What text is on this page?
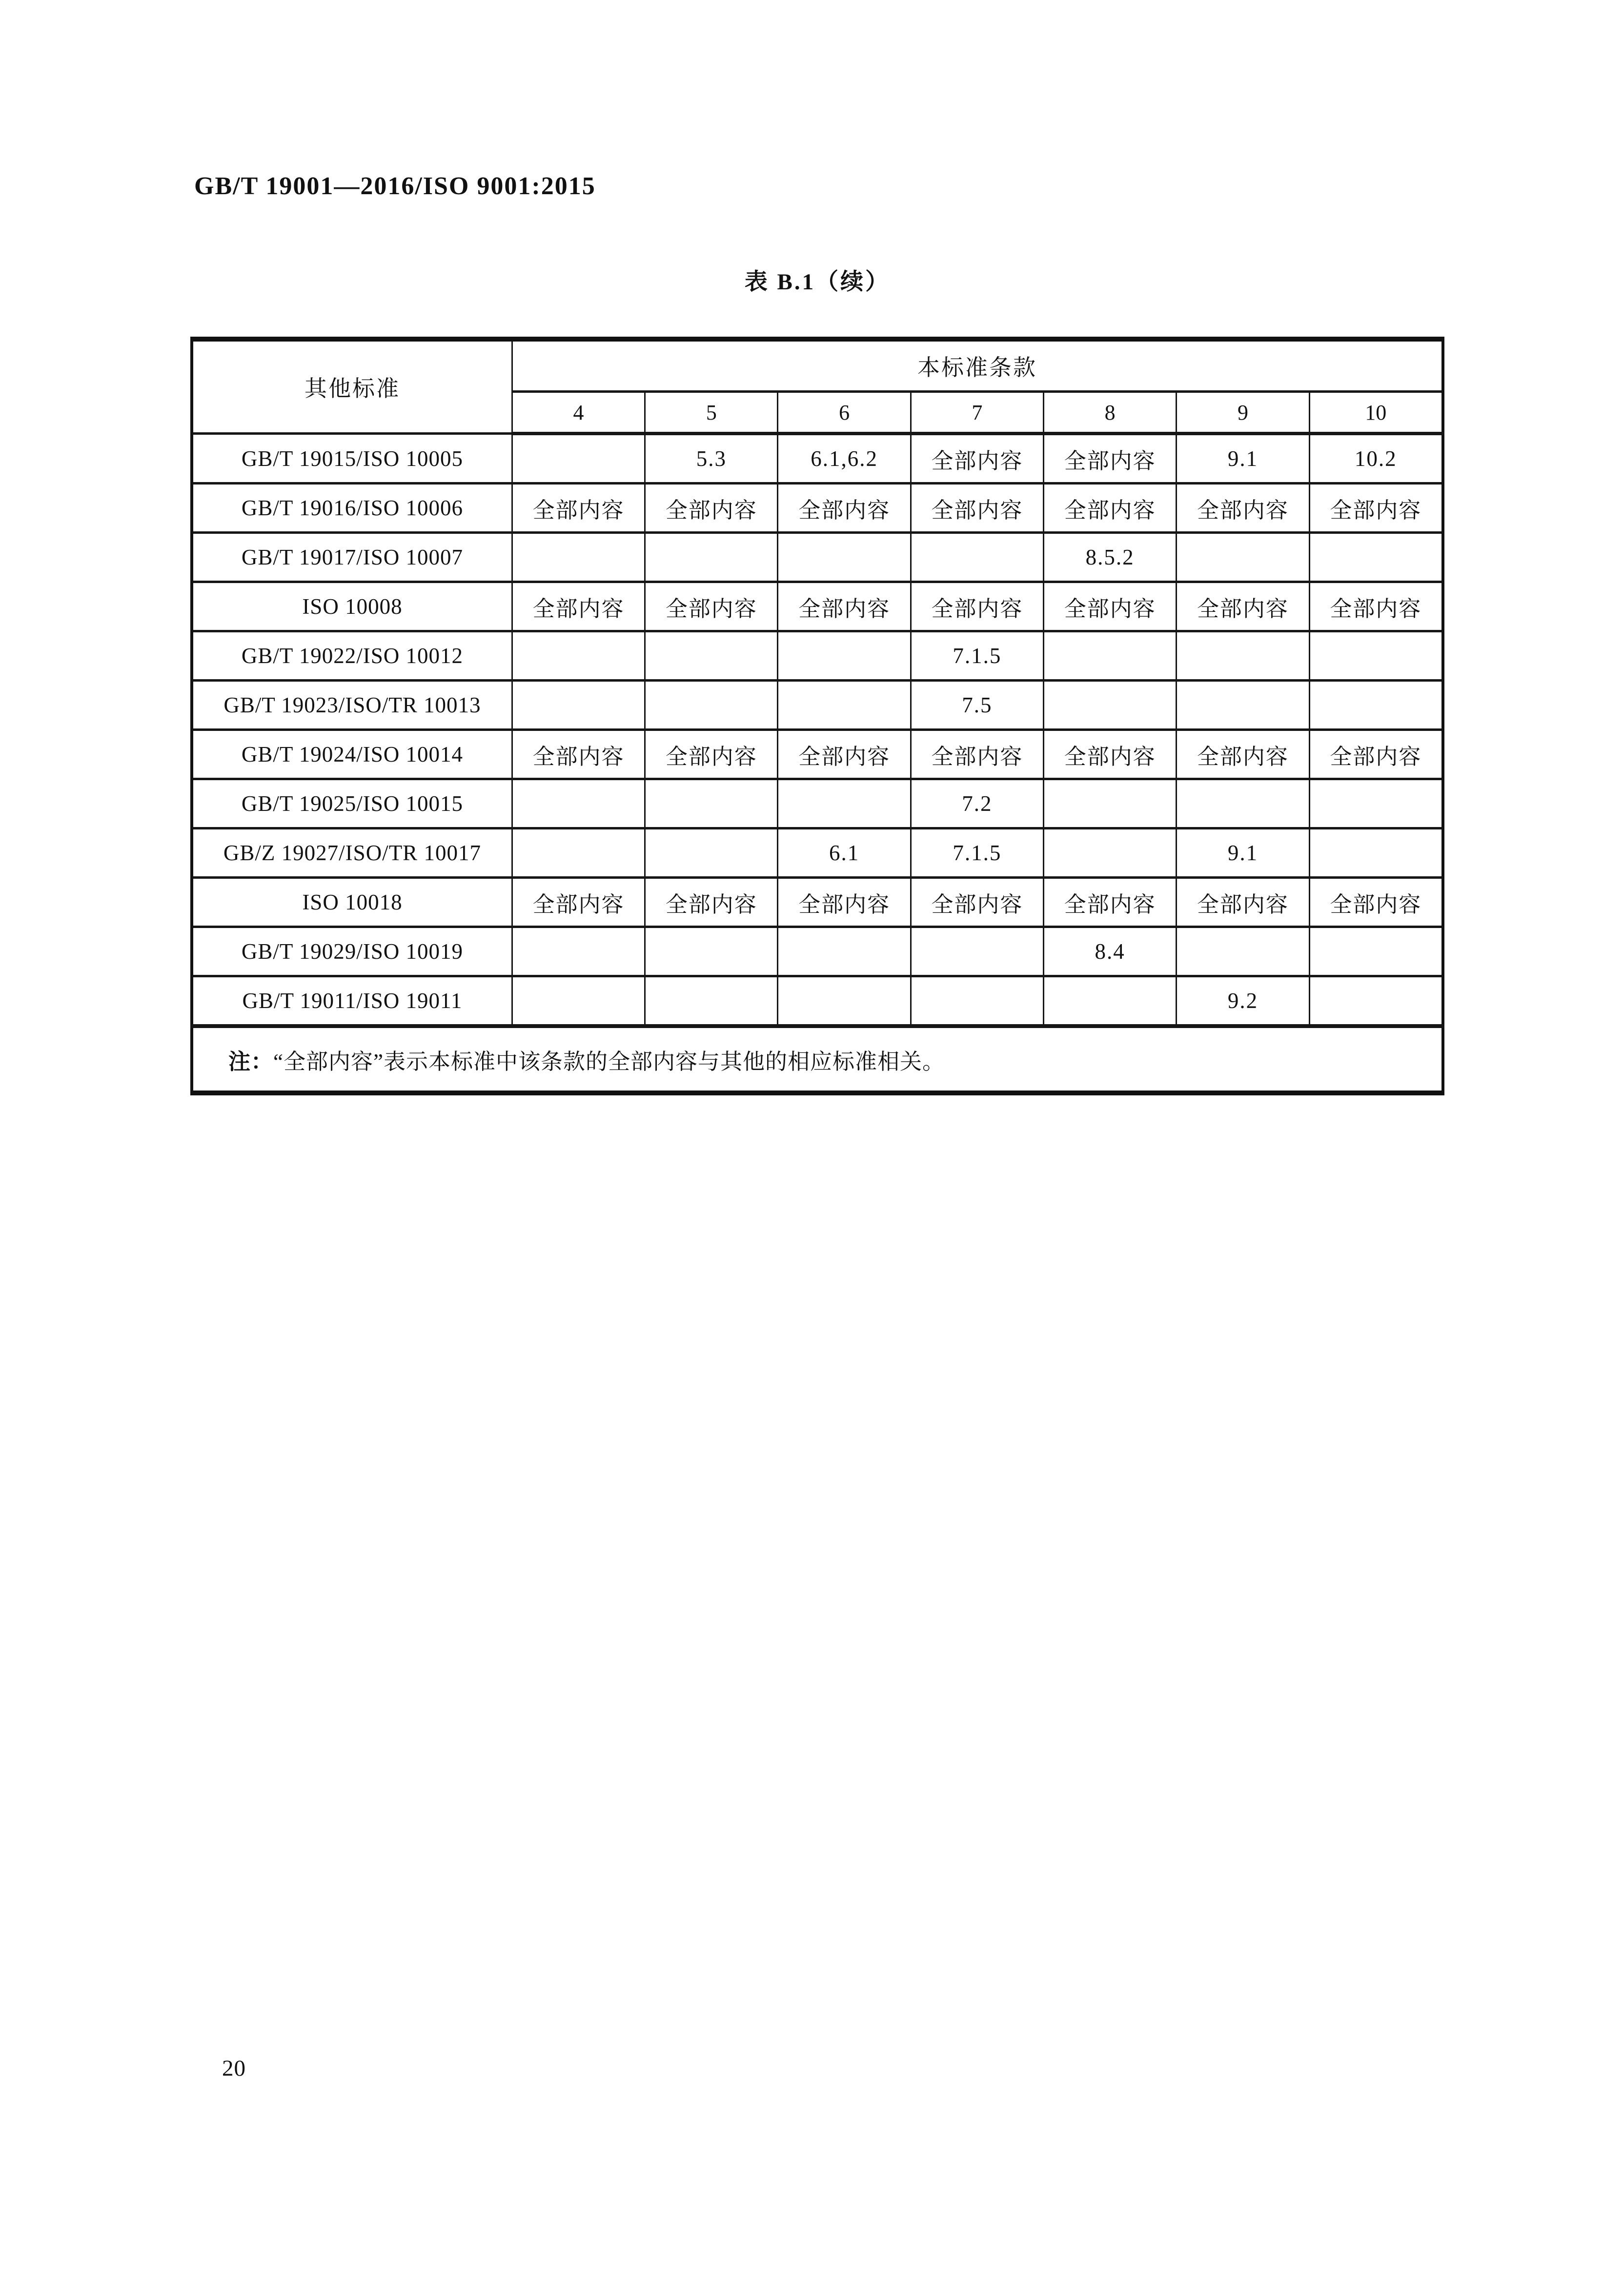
GB/T 19001—2016/ISO 9001:2015
表 B.1（续）
其他标准	本标准条款						
	4	5	6	7	8	9	10
GB/T 19015/ISO 10005		5.3	6.1,6.2	全部内容	全部内容	9.1	10.2
GB/T 19016/ISO 10006	全部内容	全部内容	全部内容	全部内容	全部内容	全部内容	全部内容
GB/T 19017/ISO 10007					8.5.2		
ISO 10008	全部内容	全部内容	全部内容	全部内容	全部内容	全部内容	全部内容
GB/T 19022/ISO 10012				7.1.5			
GB/T 19023/ISO/TR 10013				7.5			
GB/T 19024/ISO 10014	全部内容	全部内容	全部内容	全部内容	全部内容	全部内容	全部内容
GB/T 19025/ISO 10015				7.2			
GB/Z 19027/ISO/TR 10017			6.1	7.1.5		9.1	
ISO 10018	全部内容	全部内容	全部内容	全部内容	全部内容	全部内容	全部内容
GB/T 19029/ISO 10019					8.4		
GB/T 19011/ISO 19011						9.2	
注：“全部内容”表示本标准中该条款的全部内容与其他的相应标准相关。							
20
